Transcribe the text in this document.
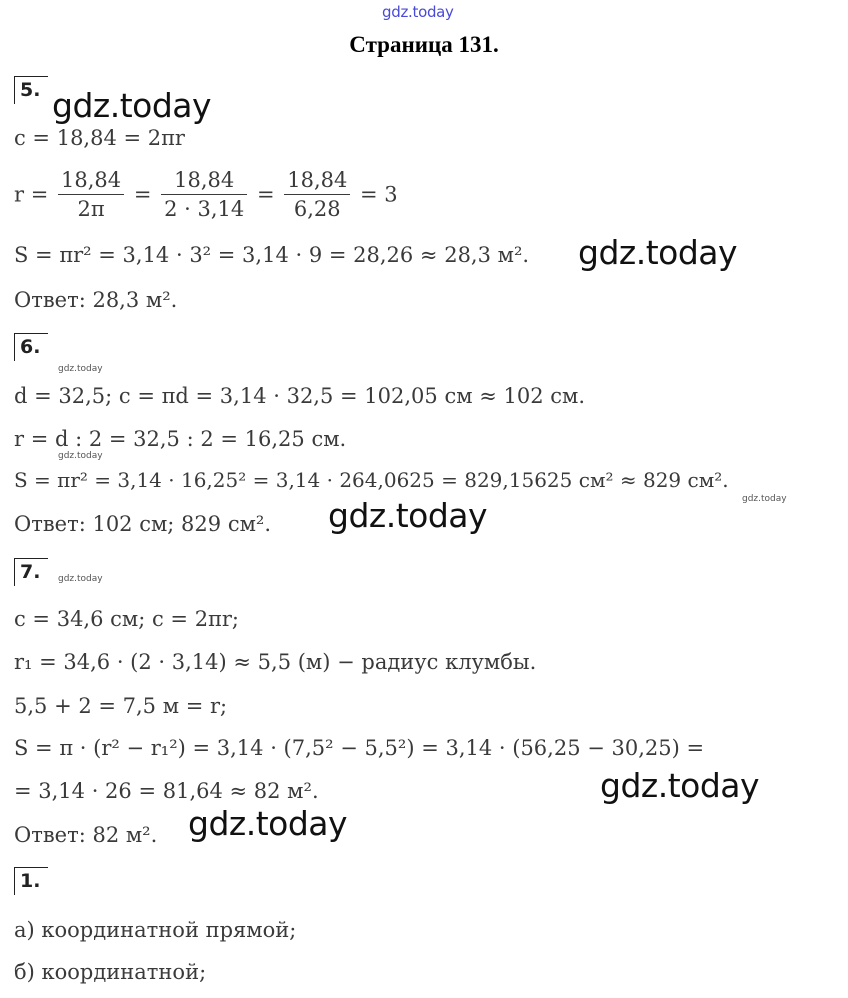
gdz.today
Страница 131.
5. gdz.today
c = 18,84 = 2πr
$r = \frac{18,84}{2\pi} = \frac{18,84}{2 \cdot 3,14} = \frac{18,84}{6,28} = 3$
S = πr² = 3,14 · 3² = 3,14 · 9 = 28,26 ≈ 28,3 м². gdz.today
Ответ: 28,3 м².
6.
gdz.today
d = 32,5; c = πd = 3,14 · 32,5 = 102,05 см ≈ 102 см.
r = d : 2 = 32,5 : 2 = 16,25 см.
gdz.today
S = πr² = 3,14 · 16,25² = 3,14 · 264,0625 = 829,15625 см² ≈ 829 см².
gdz.today
Ответ: 102 см; 829 см². gdz.today
7.	gdz.today
c = 34,6 см; c = 2πr;
r₁ = 34,6 · (2 · 3,14) ≈ 5,5 (м) − радиус клумбы.
5,5 + 2 = 7,5 м = r;
S = π · (r² − r₁²) = 3,14 · (7,5² − 5,5²) = 3,14 · (56,25 − 30,25) =
gdz.today
= 3,14 · 26 = 81,64 ≈ 82 м².
Ответ: 82 м². gdz.today
1.
а) координатной прямой;
б) координатной;
